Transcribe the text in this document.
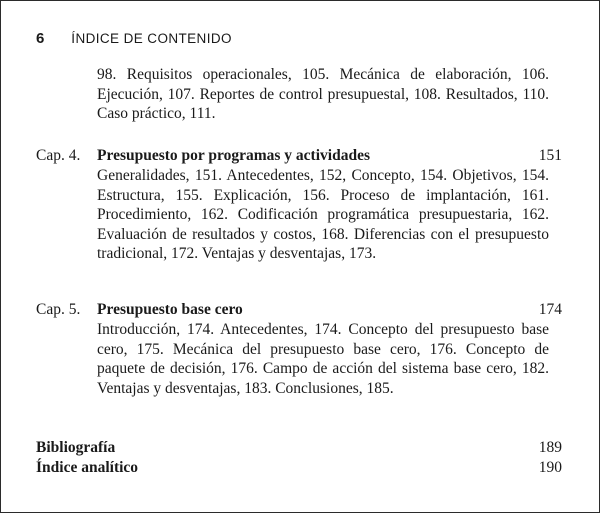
6 ÍNDICE DE CONTENIDO

98. Requisitos operacionales, 105. Mecánica de elaboración, 106. Ejecución, 107. Reportes de control presupuestal, 108. Resultados, 110. Caso práctico, 111.

Cap. 4. Presupuesto por programas y actividades	151

Generalidades, 151. Antecedentes, 152, Concepto, 154. Objetivos, 154. Estructura, 155. Explicación, 156. Proceso de implantación, 161. Procedimiento, 162. Codificación programática presupuestaria, 162. Evaluación de resultados y costos, 168. Diferencias con el presupuesto tradicional, 172. Ventajas y desventajas, 173.

Cap. 5. Presupuesto base cero	174

Introducción, 174. Antecedentes, 174. Concepto del presupuesto base cero, 175. Mecánica del presupuesto base cero, 176. Concepto de paquete de decisión, 176. Campo de acción del sistema base cero, 182. Ventajas y desventajas, 183. Conclusiones, 185.

Bibliografía	189
Índice analítico	190
